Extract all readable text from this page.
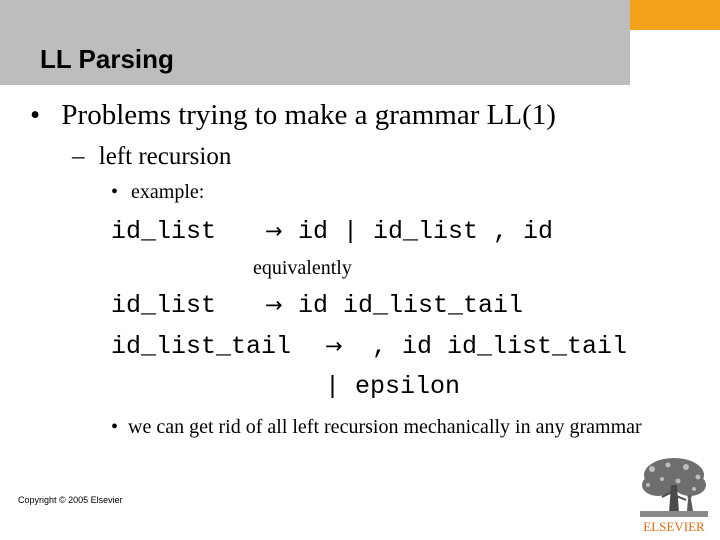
LL Parsing
• Problems trying to make a grammar LL(1)
– left recursion
• example:
id_list → id | id_list , id
equivalently
id_list → id id_list_tail
id_list_tail → , id id_list_tail
| epsilon
• we can get rid of all left recursion mechanically in any grammar
Copyright © 2005 Elsevier
ELSEVIER
